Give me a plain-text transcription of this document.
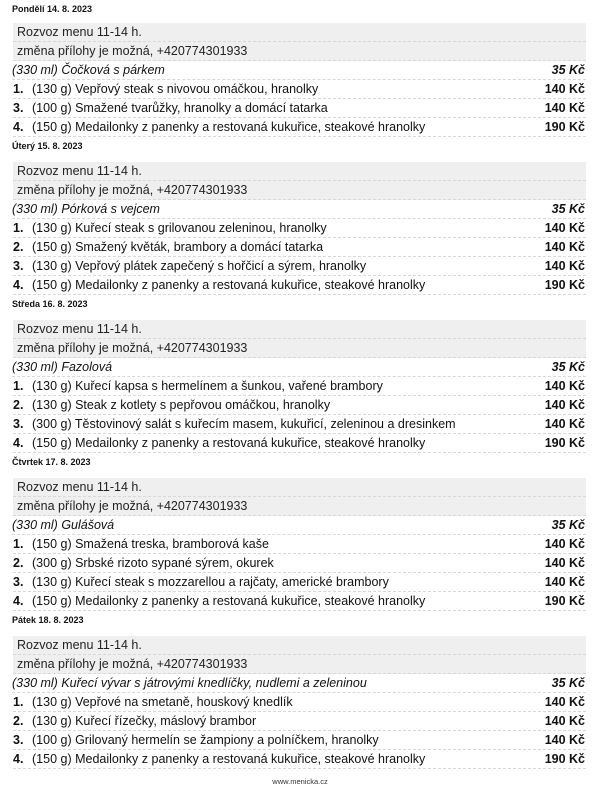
Pondělí 14. 8. 2023
Rozvoz menu 11-14 h.
změna přílohy je možná, +420774301933
(330 ml) Čočková s párkem	35 Kč
1. (130 g) Vepřový steak s nivovou omáčkou, hranolky	140 Kč
3. (100 g) Smažené tvarůžky, hranolky a domácí tatarka	140 Kč
4. (150 g) Medailonky z panenky a restovaná kukuřice, steakové hranolky	190 Kč
Úterý 15. 8. 2023
Rozvoz menu 11-14 h.
změna přílohy je možná, +420774301933
(330 ml) Pórková s vejcem	35 Kč
1. (130 g) Kuřecí steak s grilovanou zeleninou, hranolky	140 Kč
2. (150 g) Smažený květák, brambory a domácí tatarka	140 Kč
3. (130 g) Vepřový plátek zapečený s hořčicí a sýrem, hranolky	140 Kč
4. (150 g) Medailonky z panenky a restovaná kukuřice, steakové hranolky	190 Kč
Středa 16. 8. 2023
Rozvoz menu 11-14 h.
změna přílohy je možná, +420774301933
(330 ml) Fazolová	35 Kč
1. (130 g) Kuřecí kapsa s hermelínem a šunkou, vařené brambory	140 Kč
2. (130 g) Steak z kotlety s pepřovou omáčkou, hranolky	140 Kč
3. (300 g) Těstovinový salát s kuřecím masem, kukuřicí, zeleninou a dresinkem	140 Kč
4. (150 g) Medailonky z panenky a restovaná kukuřice, steakové hranolky	190 Kč
Čtvrtek 17. 8. 2023
Rozvoz menu 11-14 h.
změna přílohy je možná, +420774301933
(330 ml) Gulášová	35 Kč
1. (150 g) Smažená treska, bramborová kaše	140 Kč
2. (300 g) Srbské rizoto sypané sýrem, okurek	140 Kč
3. (130 g) Kuřecí steak s mozzarellou a rajčaty, americké brambory	140 Kč
4. (150 g) Medailonky z panenky a restovaná kukuřice, steakové hranolky	190 Kč
Pátek 18. 8. 2023
Rozvoz menu 11-14 h.
změna přílohy je možná, +420774301933
(330 ml) Kuřecí vývar s játrovými knedlíčky, nudlemi a zeleninou	35 Kč
1. (130 g) Vepřové na smetaně, houskový knedlík	140 Kč
2. (130 g) Kuřecí řízečky, máslový brambor	140 Kč
3. (100 g) Grilovaný hermelín se žampiony a polníčkem, hranolky	140 Kč
4. (150 g) Medailonky z panenky a restovaná kukuřice, steakové hranolky	190 Kč
www.menicka.cz
